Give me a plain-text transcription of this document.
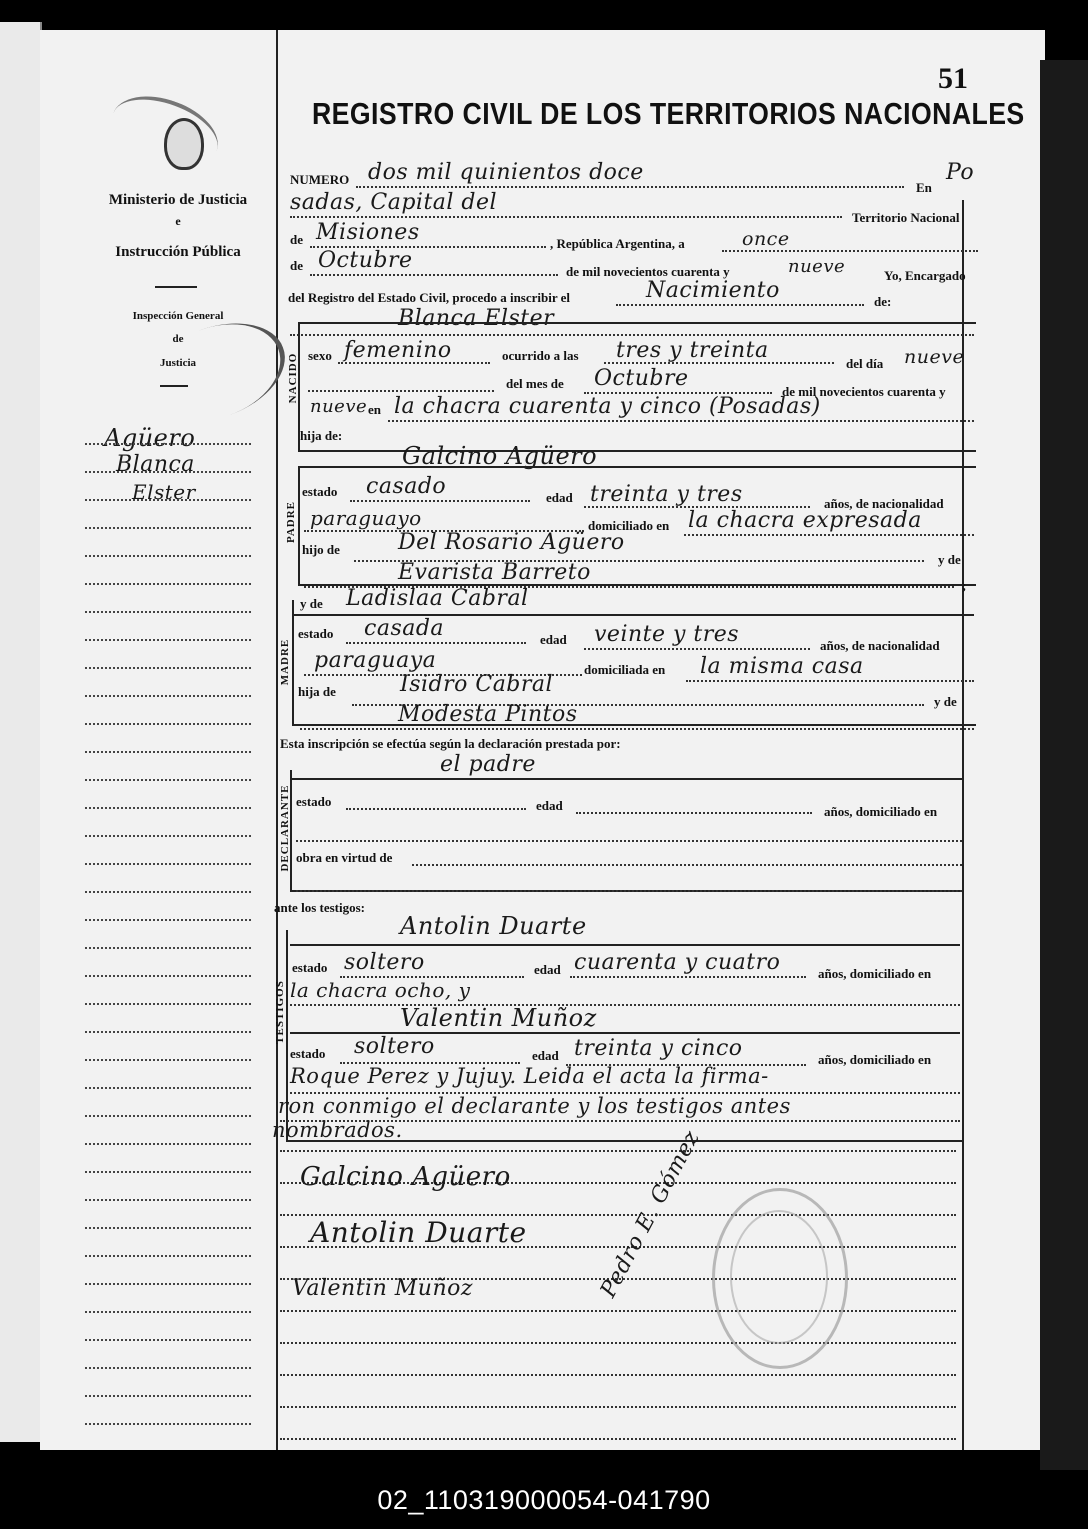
51
REGISTRO CIVIL DE LOS TERRITORIOS NACIONALES
Ministerio de Justicia
e
Instrucción Pública
Inspección General
de
Justicia
Agüero
Blanca
Elster
NUMERO dos mil quinientos doce
En
Po
sadas, Capital del
Territorio Nacional
de Misiones	, República Argentina, a	once
de Octubre	de mil novecientos cuarenta y	nueve	Yo, Encargado
del Registro del Estado Civil, procedo a inscribir el	Nacimiento	de:
Blanca Elster
NACIDO sexo femenino	ocurrido a las tres y treinta
del día nueve
del mes de Octubre
de mil novecientos cuarenta y
nueve en la chacra cuarenta y cinco (Posadas)
hija de:
Galcino Agüero
PADRE
estado casado	edad treinta y tres	años, de nacionalidad
paraguayo	domiciliado en la chacra expresada
hijo de	Del Rosario Agüero
y de
Evarista Barreto
;
y de Ladislaa Cabral
MADRE
estado casada	edad veinte y tres	años, de nacionalidad
paraguaya	domiciliada en la misma casa
hija de	Isidro Cabral
y de
Modesta Pintos
Esta inscripción se efectúa según la declaración prestada por:
el padre
DECLARANTE estado	edad	años, domiciliado en
obra en virtud de
ante los testigos:
Antolin Duarte
TESTIGOS
estado soltero	edad cuarenta y cuatro	años, domiciliado en
la chacra ocho, y
Valentin Muñoz
estado soltero	edad treinta y cinco	años, domiciliado en
Roque Perez y Jujuy. Leida el acta la firma-
ron conmigo el declarante y los testigos antes
nombrados.
Galcino Agüero
Antolin Duarte
Valentin Muñoz	Pedro E. Gómez
02_110319000054-041790
